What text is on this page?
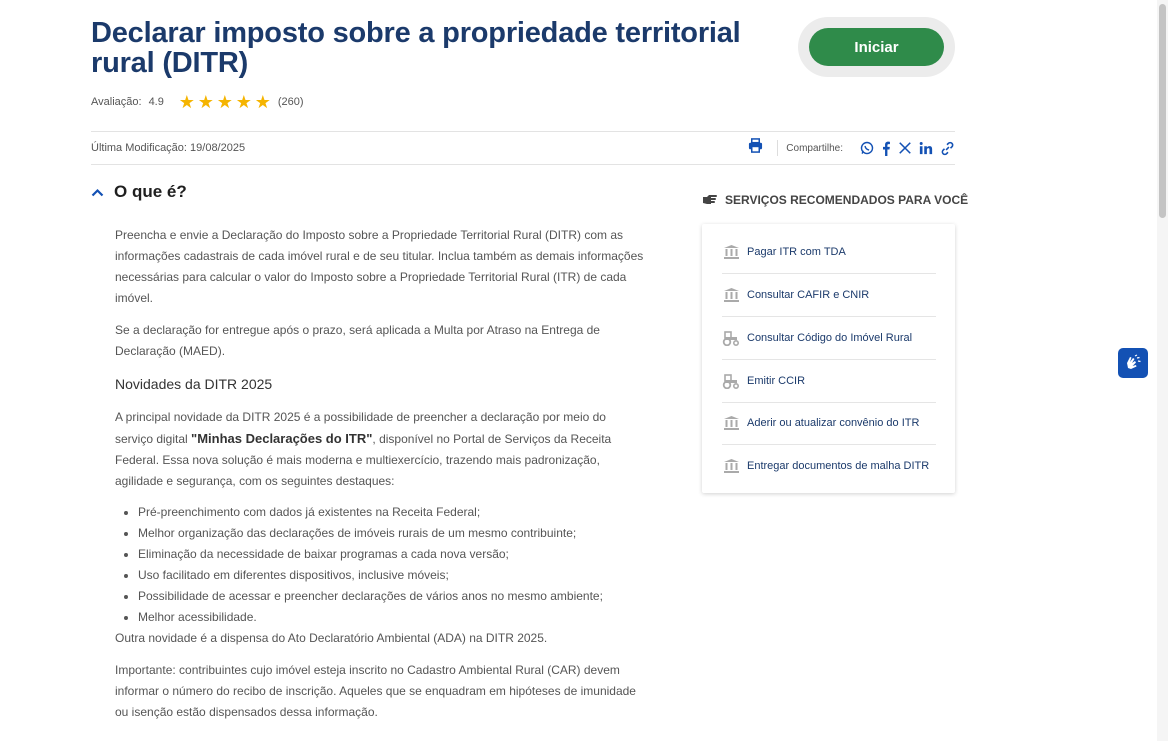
Declarar imposto sobre a propriedade territorial rural (DITR)	Iniciar
Avaliação: 4.9 ★ ★ ★ ★ ★ (260)
Última Modificação: 19/08/2025	Compartilhe:
O que é?

Preencha e envie a Declaração do Imposto sobre a Propriedade Territorial Rural (DITR) com as informações cadastrais de cada imóvel rural e de seu titular. Inclua também as demais informações necessárias para calcular o valor do Imposto sobre a Propriedade Territorial Rural (ITR) de cada imóvel.

Se a declaração for entregue após o prazo, será aplicada a Multa por Atraso na Entrega de Declaração (MAED).

Novidades da DITR 2025

A principal novidade da DITR 2025 é a possibilidade de preencher a declaração por meio do serviço digital "Minhas Declarações do ITR", disponível no Portal de Serviços da Receita Federal. Essa nova solução é mais moderna e multiexercício, trazendo mais padronização, agilidade e segurança, com os seguintes destaques:

• Pré-preenchimento com dados já existentes na Receita Federal;
• Melhor organização das declarações de imóveis rurais de um mesmo contribuinte;
• Eliminação da necessidade de baixar programas a cada nova versão;
• Uso facilitado em diferentes dispositivos, inclusive móveis;
• Possibilidade de acessar e preencher declarações de vários anos no mesmo ambiente;
• Melhor acessibilidade.

Outra novidade é a dispensa do Ato Declaratório Ambiental (ADA) na DITR 2025.

Importante: contribuintes cujo imóvel esteja inscrito no Cadastro Ambiental Rural (CAR) devem informar o número do recibo de inscrição. Aqueles que se enquadram em hipóteses de imunidade ou isenção estão dispensados dessa informação.

SERVIÇOS RECOMENDADOS PARA VOCÊ
Pagar ITR com TDA
Consultar CAFIR e CNIR
Consultar Código do Imóvel Rural
Emitir CCIR
Aderir ou atualizar convênio do ITR
Entregar documentos de malha DITR
